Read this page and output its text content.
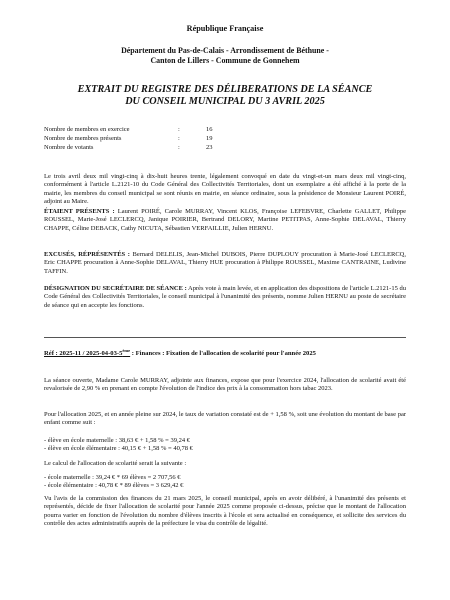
République Française
Département du Pas-de-Calais - Arrondissement de Béthune -
Canton de Lillers - Commune de Gonnehem
EXTRAIT DU REGISTRE DES DÉLIBERATIONS DE LA SÉANCE
DU CONSEIL MUNICIPAL DU 3 AVRIL 2025
Nombre de membres en exercice	:	16
Nombre de membres présents	:	19
Nombre de votants	:	23

Le trois avril deux mil vingt-cinq à dix-huit heures trente, légalement convoqué en date du vingt-et-un mars deux mil vingt-cinq, conformément à l'article L.2121-10 du Code Général des Collectivités Territoriales, dont un exemplaire a été affiché à la porte de la mairie, les membres du conseil municipal se sont réunis en mairie, en séance ordinaire, sous la présidence de Monsieur Laurent POIRÉ, adjoint au Maire.

ÉTAIENT PRÉSENTS : Laurent POIRÉ, Carole MURRAY, Vincent KLOS, Françoise LEFEBVRE, Charlette GALLET, Philippe ROUSSEL, Marie-José LECLERCQ, Janique POIRIER, Bertrand DELORY, Martine PETITPAS, Anne-Sophie DELAVAL, Thierry CHAPPE, Céline DEBACK, Cathy NICUTA, Sébastien VERFAILLIE, Julien HERNU.

EXCUSÉS, RÉPRÉSENTÉS : Bernard DELELIS, Jean-Michel DUBOIS, Pierre DUPLOUY procuration à Marie-José LECLERCQ, Eric CHAPPE procuration à Anne-Sophie DELAVAL, Thierry HUE procuration à Philippe ROUSSEL, Maxime CANTRAINE, Ludivine TAFFIN.

DÉSIGNATION DU SECRÉTAIRE DE SÉANCE : Après vote à main levée, et en application des dispositions de l'article L.2121-15 du Code Général des Collectivités Territoriales, le conseil municipal à l'unanimité des présents, nomme Julien HERNU au poste de secrétaire de séance qui en accepte les fonctions.

Réf : 2025-11 / 2025-04-03-5ème : Finances : Fixation de l'allocation de scolarité pour l'année 2025

La séance ouverte, Madame Carole MURRAY, adjointe aux finances, expose que pour l'exercice 2024, l'allocation de scolarité avait été revalorisée de 2,90 % en prenant en compte l'évolution de l'indice des prix à la consommation hors tabac 2023.

Pour l'allocation 2025, et en année pleine sur 2024, le taux de variation constaté est de + 1,58 %, soit une évolution du montant de base par enfant comme suit :

- élève en école maternelle : 38,63 € + 1,58 % = 39,24 €
- élève en école élémentaire : 40,15 € + 1,58 % = 40,78 €

Le calcul de l'allocation de scolarité serait la suivante :

- école maternelle : 39,24 € * 69 élèves = 2 707,56 €
- école élémentaire : 40,78 € * 89 élèves = 3 629,42 €

Vu l'avis de la commission des finances du 21 mars 2025, le conseil municipal, après en avoir délibéré, à l'unanimité des présents et représentés, décide de fixer l'allocation de scolarité pour l'année 2025 comme proposée ci-dessus, précise que le montant de l'allocation pourra varier en fonction de l'évolution du nombre d'élèves inscrits à l'école et sera actualisé en conséquence, et sollicite des services du contrôle des actes administratifs auprès de la préfecture le visa du contrôle de légalité.
